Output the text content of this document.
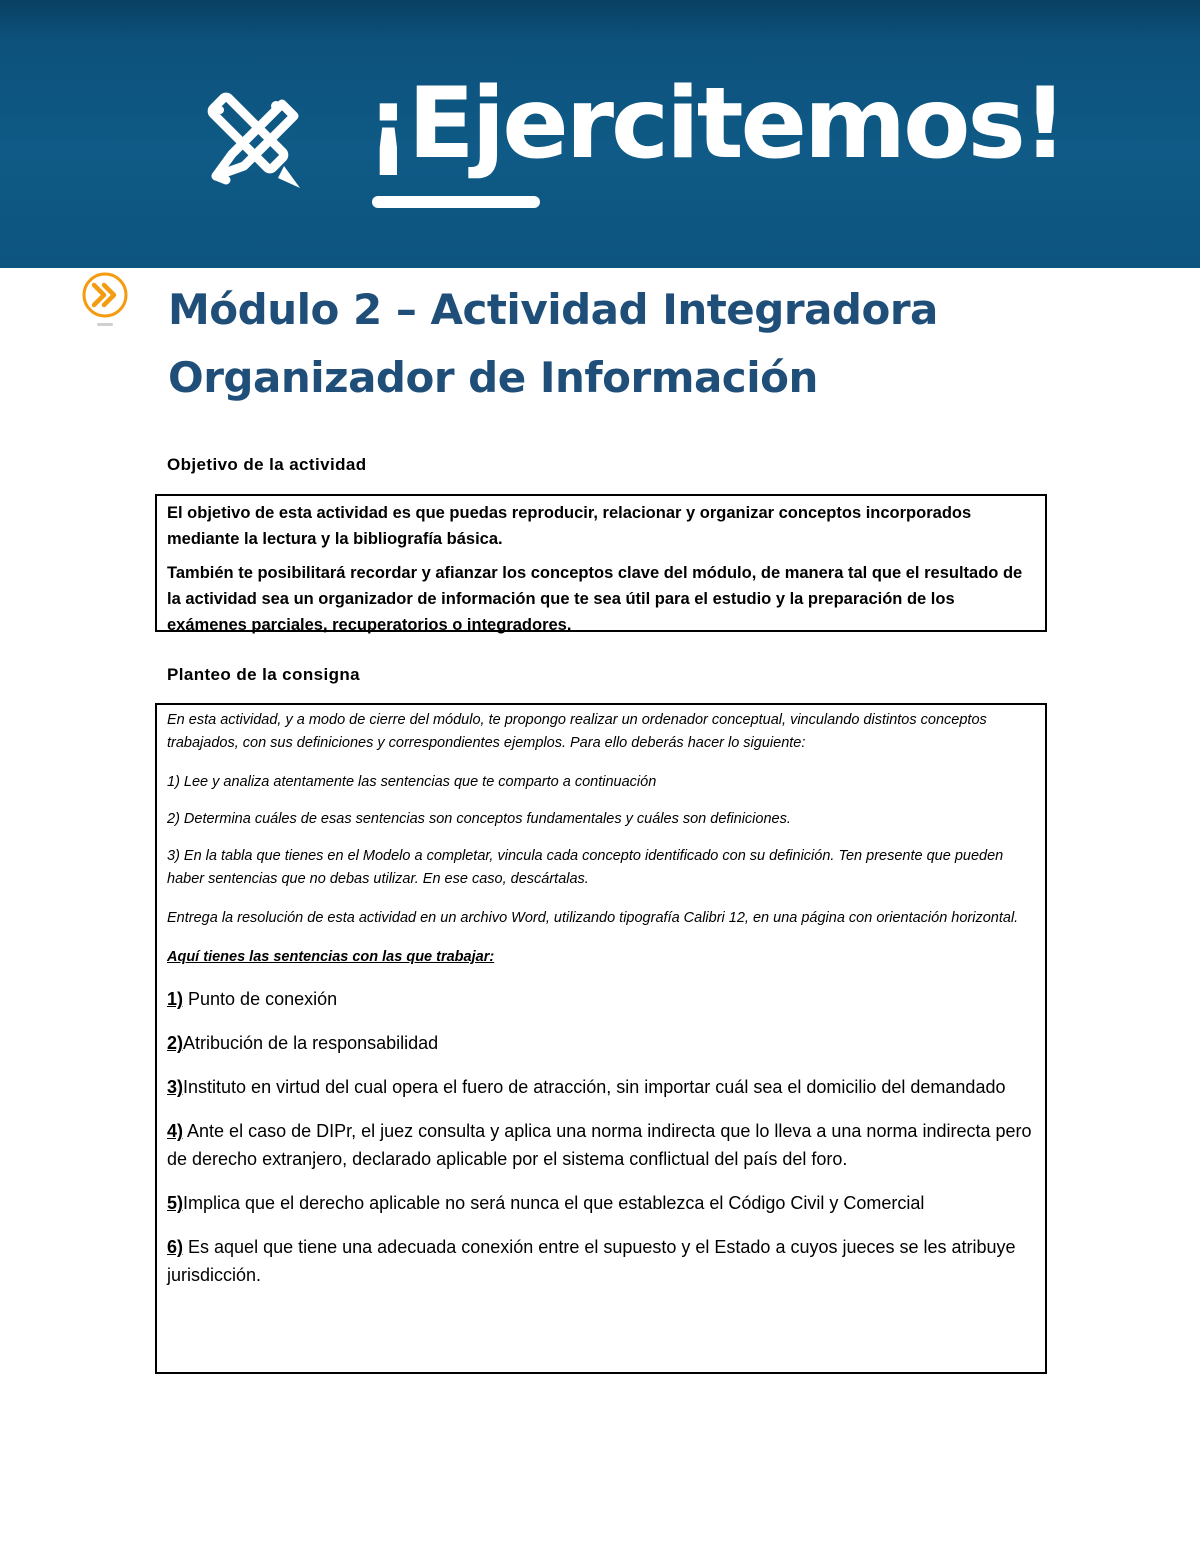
¡Ejercitemos!
Módulo 2 – Actividad Integradora
Organizador de Información
Objetivo de la actividad

El objetivo de esta actividad es que puedas reproducir, relacionar y organizar conceptos incorporados mediante la lectura y la bibliografía básica.

También te posibilitará recordar y afianzar los conceptos clave del módulo, de manera tal que el resultado de la actividad sea un organizador de información que te sea útil para el estudio y la preparación de los exámenes parciales, recuperatorios o integradores.

Planteo de la consigna

En esta actividad, y a modo de cierre del módulo, te propongo realizar un ordenador conceptual, vinculando distintos conceptos trabajados, con sus definiciones y correspondientes ejemplos. Para ello deberás hacer lo siguiente:

1) Lee y analiza atentamente las sentencias que te comparto a continuación

2) Determina cuáles de esas sentencias son conceptos fundamentales y cuáles son definiciones.

3) En la tabla que tienes en el Modelo a completar, vincula cada concepto identificado con su definición. Ten presente que pueden haber sentencias que no debas utilizar. En ese caso, descártalas.

Entrega la resolución de esta actividad en un archivo Word, utilizando tipografía Calibri 12, en una página con orientación horizontal.

Aquí tienes las sentencias con las que trabajar:

1) Punto de conexión

2)Atribución de la responsabilidad

3)Instituto en virtud del cual opera el fuero de atracción, sin importar cuál sea el domicilio del demandado

4) Ante el caso de DIPr, el juez consulta y aplica una norma indirecta que lo lleva a una norma indirecta pero de derecho extranjero, declarado aplicable por el sistema conflictual del país del foro.

5)Implica que el derecho aplicable no será nunca el que establezca el Código Civil y Comercial

6) Es aquel que tiene una adecuada conexión entre el supuesto y el Estado a cuyos jueces se les atribuye jurisdicción.
